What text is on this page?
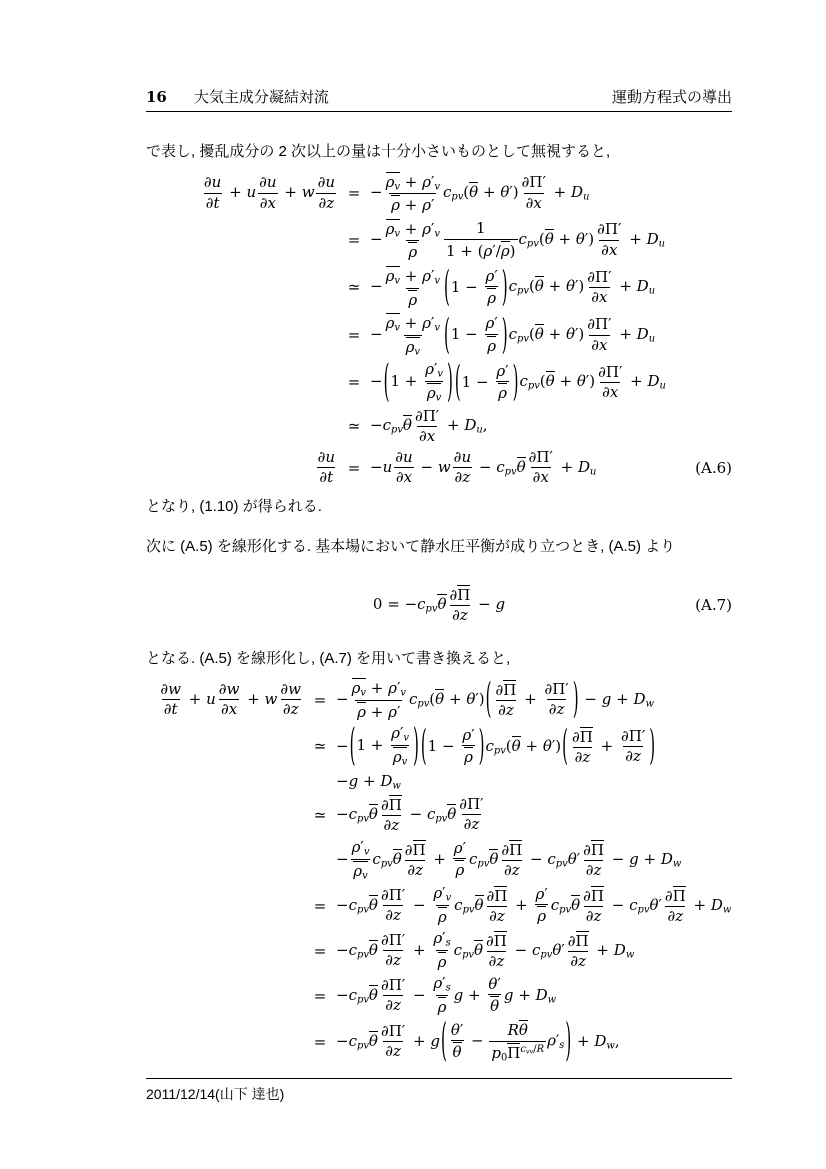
16 大気主成分凝結対流	運動方程式の導出

で表し, 擾乱成分の 2 次以上の量は十分小さいものとして無視すると,

$\frac{\partial u}{\partial t} + u \frac{\partial u}{\partial x} + w \frac{\partial u}{\partial z}$ = − $\frac{\rho v + \rho'v}{\rho + \rho'} cpv(\theta + \theta') \frac{\partial\Pi'}{\partial x} + Du$
= − $\frac{\rho v + \rho'v}{\rho} \frac{1}{1 + (\rho'/\rho)} cpv(\theta + \theta') \frac{\partial\Pi'}{\partial x} + Du$
≃ − $\frac{\rho v + \rho'v}{\rho}$ ( $1 - \frac{\rho'}{\rho}$ ) $cpv(\theta + \theta') \frac{\partial\Pi'}{\partial x} + Du$
= − $\frac{\rho v + \rho'v}{\rho v}$ ( $1 - \frac{\rho'}{\rho}$ ) $cpv(\theta + \theta') \frac{\partial\Pi'}{\partial x} + Du$
= − ( $1 + \frac{\rho'v}{\rho v}$ ) ( $1 - \frac{\rho'}{\rho}$ ) $cpv(\theta + \theta') \frac{\partial\Pi'}{\partial x} + Du$
≃ $-cpv\theta \frac{\partial\Pi'}{\partial x} + Du$,
$\frac{\partial u}{\partial t} = -u \frac{\partial u}{\partial x} - w \frac{\partial u}{\partial z} - cpv\theta \frac{\partial\Pi'}{\partial x} + Du$	(A.6)

となり, (1.10) が得られる.

次に (A.5) を線形化する. 基本場において静水圧平衡が成り立つとき, (A.5) より

$0 = -cpv\theta \frac{\partial\Pi}{\partial z} - g$	(A.7)

となる. (A.5) を線形化し, (A.7) を用いて書き換えると,

$\frac{\partial w}{\partial t} + u \frac{\partial w}{\partial x} + w \frac{\partial w}{\partial z}$ = − $\frac{\rho v + \rho'v}{\rho + \rho'} cpv(\theta + \theta')$ ( $\frac{\partial\Pi}{\partial z} + \frac{\partial\Pi'}{\partial z}$ ) − g + Dw
≃ − ( $1 + \frac{\rho'v}{\rho v}$ ) ( $1 - \frac{\rho'}{\rho}$ ) cpv(θ + θ′) ( $\frac{\partial\Pi}{\partial z} + \frac{\partial\Pi'}{\partial z}$ )
−g + Dw
≃ $-cpv\theta \frac{\partial\Pi}{\partial z} - cpv\theta \frac{\partial\Pi'}{\partial z}$
− $\frac{\rho'v}{\rho v}$ cpvθ $\frac{\partial\Pi}{\partial z} + \frac{\rho'}{\rho}$ cpvθ $\frac{\partial\Pi}{\partial z} - cpv\theta' \frac{\partial\Pi}{\partial z} - g + Dw$
= $-cpv\theta \frac{\partial\Pi'}{\partial z} - \frac{\rho'v}{\rho}$ cpvθ $\frac{\partial\Pi}{\partial z} + \frac{\rho'}{\rho}$ cpvθ $\frac{\partial\Pi}{\partial z} - cpv\theta' \frac{\partial\Pi}{\partial z} + Dw$
= $-cpv\theta \frac{\partial\Pi'}{\partial z} + \frac{\rho's}{\rho}$ cpvθ $\frac{\partial\Pi}{\partial z} - cpv\theta' \frac{\partial\Pi}{\partial z} + Dw$
= $-cpv\theta \frac{\partial\Pi'}{\partial z} - \frac{\rho's}{\rho}$ $g + \frac{\theta'}{\theta}$ g + Dw
= $-cpv\theta \frac{\partial\Pi'}{\partial z} + g$ ( $\frac{\theta'}{\theta}$ −
Rθ
$p0\Pi^{cvv/R}$ ρ′s ) + Dw,
2011/12/14(山下 達也)
